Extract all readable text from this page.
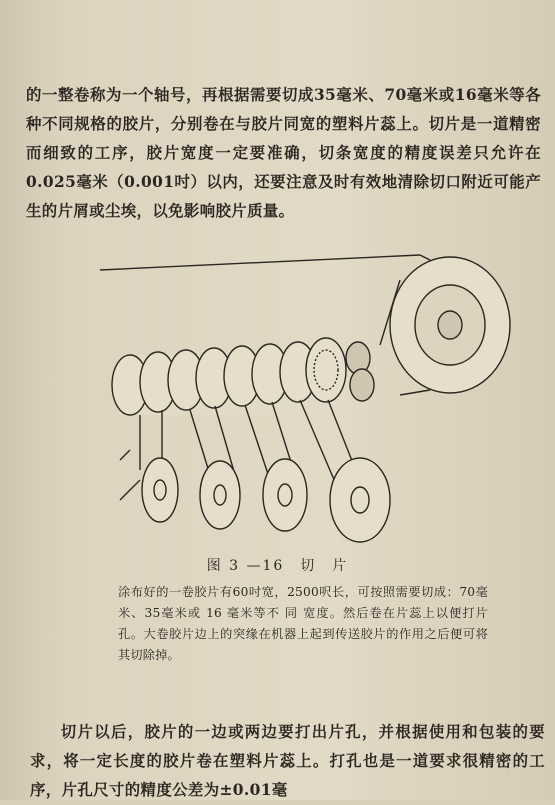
的一整卷称为一个轴号，再根据需要切成35毫米、70毫米或16毫米等各种不同规格的胶片，分别卷在与胶片同宽的塑料片蕊上。切片是一道精密而细致的工序，胶片宽度一定要准确，切条宽度的精度误差只允许在0.025毫米（0.001吋）以内，还要注意及时有效地清除切口附近可能产生的片屑或尘埃，以免影响胶片质量。

图 3 —16　切　片
涂布好的一卷胶片有60吋宽，2500呎长，可按照需要切成：70毫米、35毫米或 16 毫米等不 同 宽度。然后卷在片蕊上以便打片孔。大卷胶片边上的突缘在机器上起到传送胶片的作用之后便可将其切除掉。

切片以后，胶片的一边或两边要打出片孔，并根据使用和包装的要求，将一定长度的胶片卷在塑料片蕊上。打孔也是一道要求很精密的工序，片孔尺寸的精度公差为±0.01毫
